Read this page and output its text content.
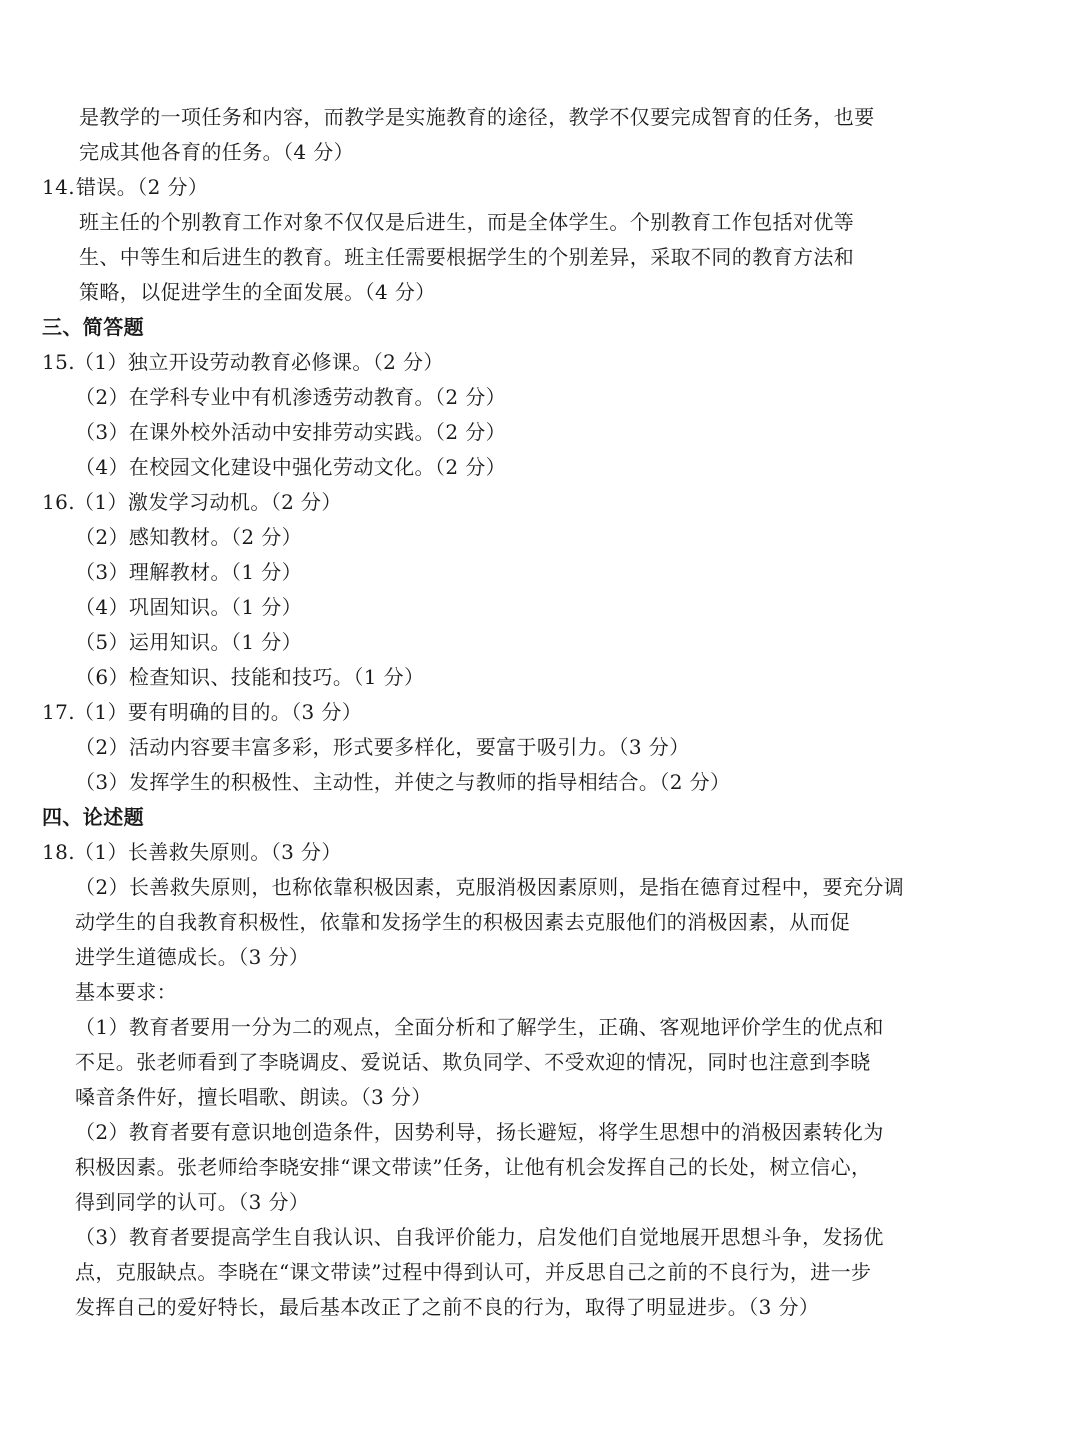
是教学的一项任务和内容，而教学是实施教育的途径，教学不仅要完成智育的任务，也要
完成其他各育的任务。（4 分）
14.错误。（2 分）
班主任的个别教育工作对象不仅仅是后进生，而是全体学生。个别教育工作包括对优等
生、中等生和后进生的教育。班主任需要根据学生的个别差异，采取不同的教育方法和
策略，以促进学生的全面发展。（4 分）
三、简答题
15.（1）独立开设劳动教育必修课。（2 分）
（2）在学科专业中有机渗透劳动教育。（2 分）
（3）在课外校外活动中安排劳动实践。（2 分）
（4）在校园文化建设中强化劳动文化。（2 分）
16.（1）激发学习动机。（2 分）
（2）感知教材。（2 分）
（3）理解教材。（1 分）
（4）巩固知识。（1 分）
（5）运用知识。（1 分）
（6）检查知识、技能和技巧。（1 分）
17.（1）要有明确的目的。（3 分）
（2）活动内容要丰富多彩，形式要多样化，要富于吸引力。（3 分）
（3）发挥学生的积极性、主动性，并使之与教师的指导相结合。（2 分）
四、论述题
18.（1）长善救失原则。（3 分）
（2）长善救失原则，也称依靠积极因素，克服消极因素原则，是指在德育过程中，要充分调
动学生的自我教育积极性，依靠和发扬学生的积极因素去克服他们的消极因素，从而促
进学生道德成长。（3 分）
基本要求：
（1）教育者要用一分为二的观点，全面分析和了解学生，正确、客观地评价学生的优点和
不足。张老师看到了李晓调皮、爱说话、欺负同学、不受欢迎的情况，同时也注意到李晓
嗓音条件好，擅长唱歌、朗读。（3 分）
（2）教育者要有意识地创造条件，因势利导，扬长避短，将学生思想中的消极因素转化为
积极因素。张老师给李晓安排“课文带读”任务，让他有机会发挥自己的长处，树立信心，
得到同学的认可。（3 分）
（3）教育者要提高学生自我认识、自我评价能力，启发他们自觉地展开思想斗争，发扬优
点，克服缺点。李晓在“课文带读”过程中得到认可，并反思自己之前的不良行为，进一步
发挥自己的爱好特长，最后基本改正了之前不良的行为，取得了明显进步。（3 分）
